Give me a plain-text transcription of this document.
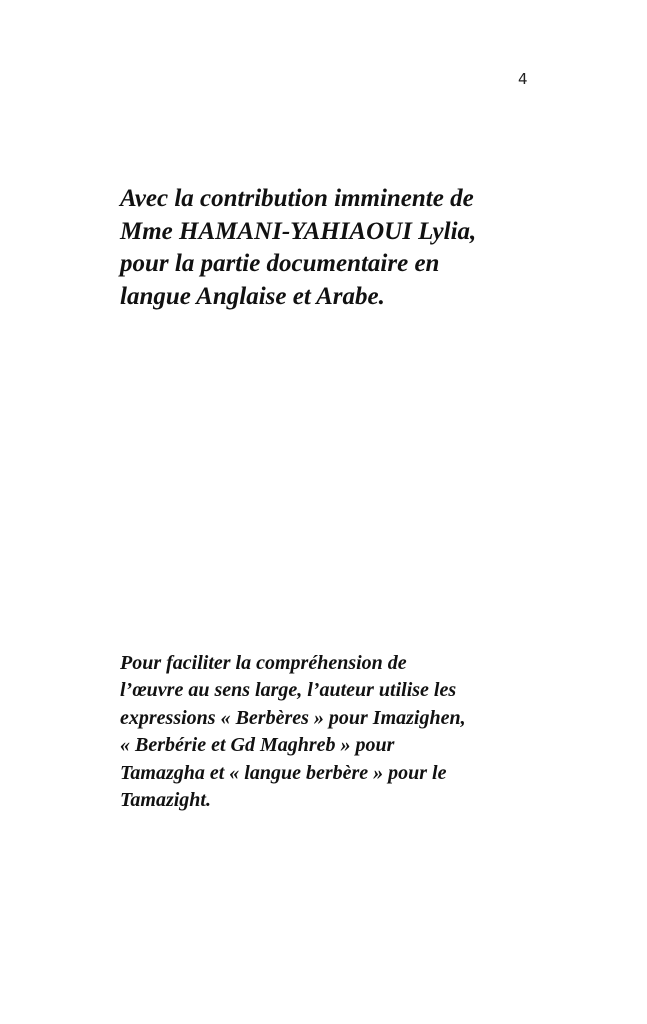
4
Avec la contribution imminente de
Mme HAMANI-YAHIAOUI Lylia,
pour la partie documentaire en
langue Anglaise et Arabe.
Pour faciliter la compréhension de
l’œuvre au sens large, l’auteur utilise les
expressions « Berbères » pour Imazighen,
« Berbérie et Gd Maghreb » pour
Tamazgha et « langue berbère » pour le
Tamazight.
